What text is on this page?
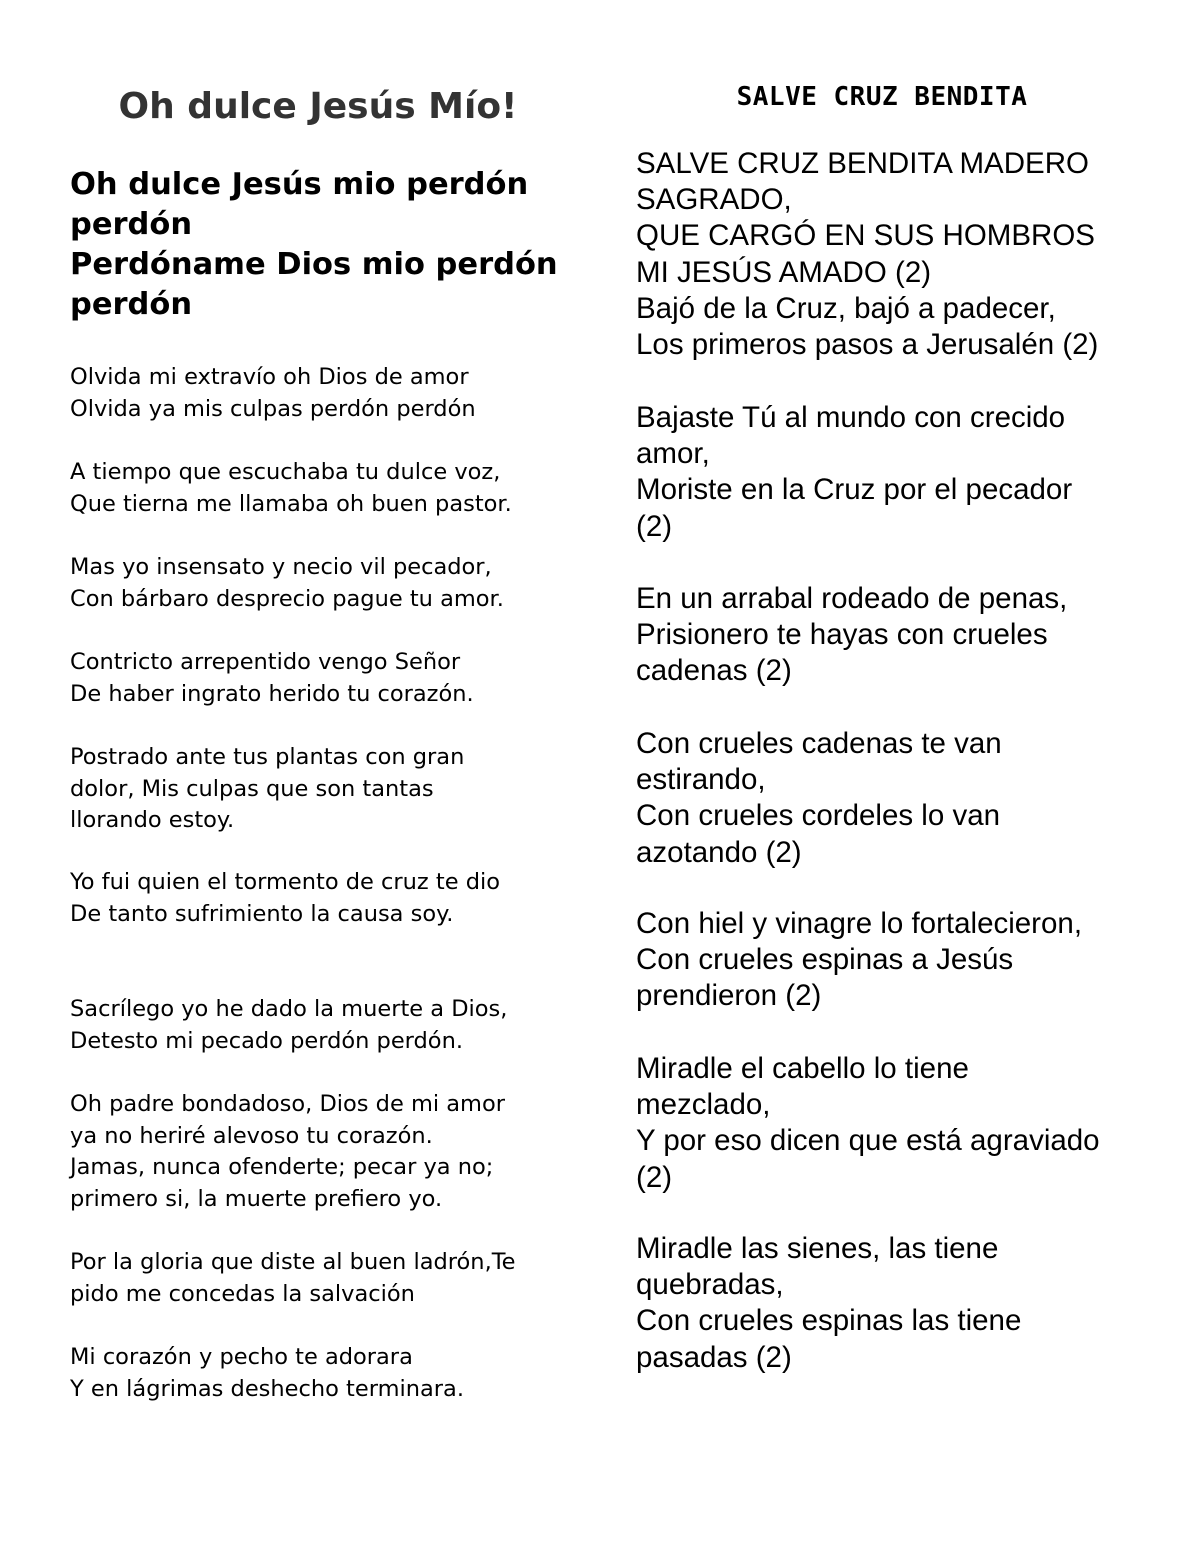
Oh dulce Jesús Mío!

Oh dulce Jesús mio perdón
perdón
Perdóname Dios mio perdón
perdón

Olvida mi extravío oh Dios de amor
Olvida ya mis culpas perdón perdón

A tiempo que escuchaba tu dulce voz,
Que tierna me llamaba oh buen pastor.

Mas yo insensato y necio vil pecador,
Con bárbaro desprecio pague tu amor.

Contricto arrepentido vengo Señor
De haber ingrato herido tu corazón.

Postrado ante tus plantas con gran
dolor, Mis culpas que son tantas
llorando estoy.

Yo fui quien el tormento de cruz te dio
De tanto sufrimiento la causa soy.

Sacrílego yo he dado la muerte a Dios,
Detesto mi pecado perdón perdón.

Oh padre bondadoso, Dios de mi amor
ya no heriré alevoso tu corazón.
Jamas, nunca ofenderte; pecar ya no;
primero si, la muerte prefiero yo.

Por la gloria que diste al buen ladrón,Te
pido me concedas la salvación

Mi corazón y pecho te adorara
Y en lágrimas deshecho terminara.

SALVE CRUZ BENDITA

SALVE CRUZ BENDITA MADERO
SAGRADO,
QUE CARGÓ EN SUS HOMBROS
MI JESÚS AMADO (2)
Bajó de la Cruz, bajó a padecer,
Los primeros pasos a Jerusalén (2)

Bajaste Tú al mundo con crecido
amor,
Moriste en la Cruz por el pecador
(2)

En un arrabal rodeado de penas,
Prisionero te hayas con crueles
cadenas (2)

Con crueles cadenas te van
estirando,
Con crueles cordeles lo van
azotando (2)

Con hiel y vinagre lo fortalecieron,
Con crueles espinas a Jesús
prendieron (2)

Miradle el cabello lo tiene
mezclado,
Y por eso dicen que está agraviado
(2)

Miradle las sienes, las tiene
quebradas,
Con crueles espinas las tiene
pasadas (2)
